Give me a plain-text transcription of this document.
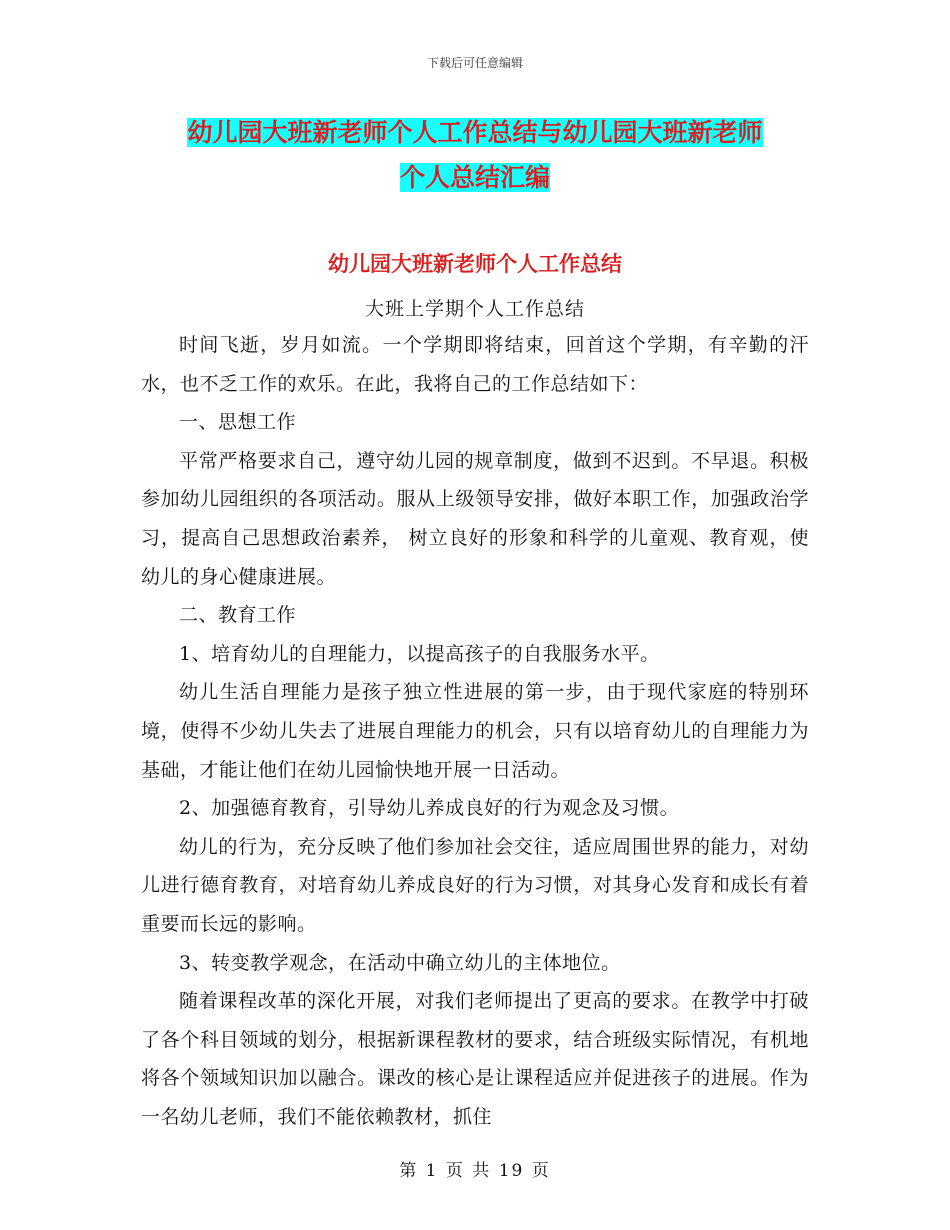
下载后可任意编辑
幼儿园大班新老师个人工作总结与幼儿园大班新老师
个人总结汇编
幼儿园大班新老师个人工作总结
大班上学期个人工作总结

时间飞逝，岁月如流。一个学期即将结束，回首这个学期，有辛勤的汗水，也不乏工作的欢乐。在此，我将自己的工作总结如下：

一、思想工作

平常严格要求自己，遵守幼儿园的规章制度，做到不迟到。不早退。积极参加幼儿园组织的各项活动。服从上级领导安排，做好本职工作，加强政治学习，提高自己思想政治素养， 树立良好的形象和科学的儿童观、教育观，使幼儿的身心健康进展。

二、教育工作

1、培育幼儿的自理能力，以提高孩子的自我服务水平。

幼儿生活自理能力是孩子独立性进展的第一步，由于现代家庭的特别环境，使得不少幼儿失去了进展自理能力的机会，只有以培育幼儿的自理能力为基础，才能让他们在幼儿园愉快地开展一日活动。

2、加强德育教育，引导幼儿养成良好的行为观念及习惯。

幼儿的行为，充分反映了他们参加社会交往，适应周围世界的能力，对幼儿进行德育教育，对培育幼儿养成良好的行为习惯，对其身心发育和成长有着重要而长远的影响。

3、转变教学观念，在活动中确立幼儿的主体地位。

随着课程改革的深化开展，对我们老师提出了更高的要求。在教学中打破了各个科目领域的划分，根据新课程教材的要求，结合班级实际情况，有机地将各个领域知识加以融合。课改的核心是让课程适应并促进孩子的进展。作为一名幼儿老师，我们不能依赖教材，抓住

第 1 页 共 19 页
